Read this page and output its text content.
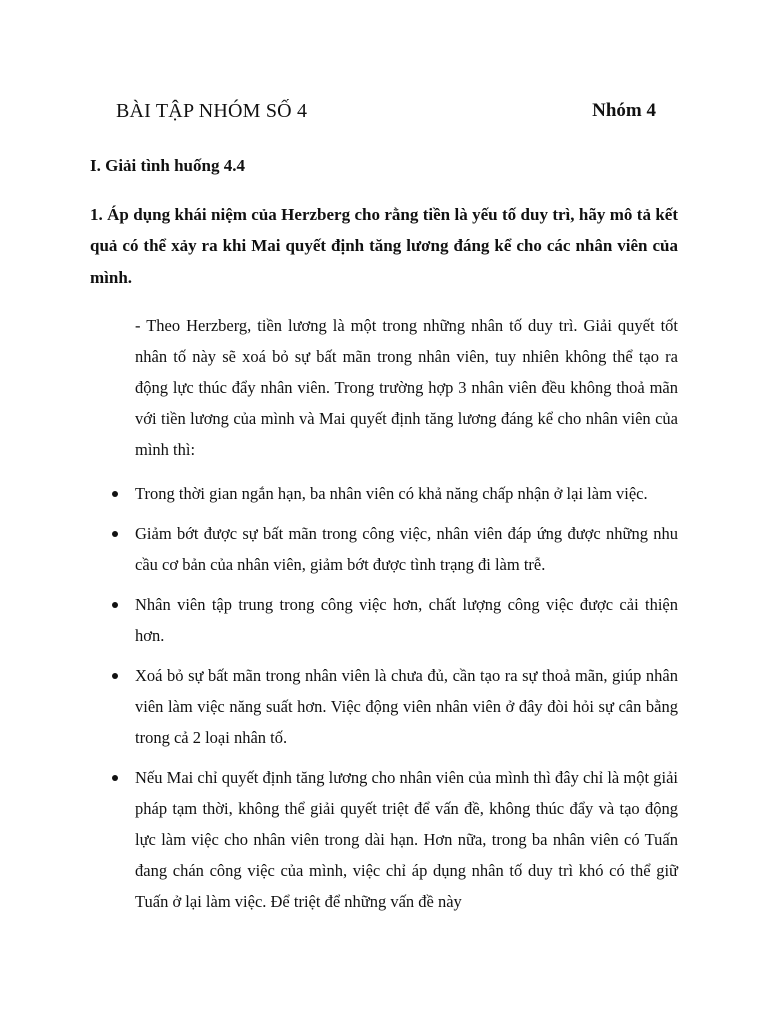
BÀI TẬP NHÓM SỐ 4	Nhóm 4
I. Giải tình huống 4.4
1. Áp dụng khái niệm của Herzberg cho rằng tiền là yếu tố duy trì, hãy mô tả kết quả có thể xảy ra khi Mai quyết định tăng lương đáng kể cho các nhân viên của mình.
- Theo Herzberg, tiền lương là một trong những nhân tố duy trì. Giải quyết tốt nhân tố này sẽ xoá bỏ sự bất mãn trong nhân viên, tuy nhiên không thể tạo ra động lực thúc đẩy nhân viên. Trong trường hợp 3 nhân viên đều không thoả mãn với tiền lương của mình và Mai quyết định tăng lương đáng kể cho nhân viên của mình thì:
Trong thời gian ngắn hạn, ba nhân viên có khả năng chấp nhận ở lại làm việc.
Giảm bớt được sự bất mãn trong công việc, nhân viên đáp ứng được những nhu cầu cơ bản của nhân viên, giảm bớt được tình trạng đi làm trễ.
Nhân viên tập trung trong công việc hơn, chất lượng công việc được cải thiện hơn.
Xoá bỏ sự bất mãn trong nhân viên là chưa đủ, cần tạo ra sự thoả mãn, giúp nhân viên làm việc năng suất hơn. Việc động viên nhân viên ở đây đòi hỏi sự cân bằng trong cả 2 loại nhân tố.
Nếu Mai chỉ quyết định tăng lương cho nhân viên của mình thì đây chỉ là một giải pháp tạm thời, không thể giải quyết triệt để vấn đề, không thúc đẩy và tạo động lực làm việc cho nhân viên trong dài hạn. Hơn nữa, trong ba nhân viên có Tuấn đang chán công việc của mình, việc chỉ áp dụng nhân tố duy trì khó có thể giữ Tuấn ở lại làm việc. Để triệt để những vấn đề này
